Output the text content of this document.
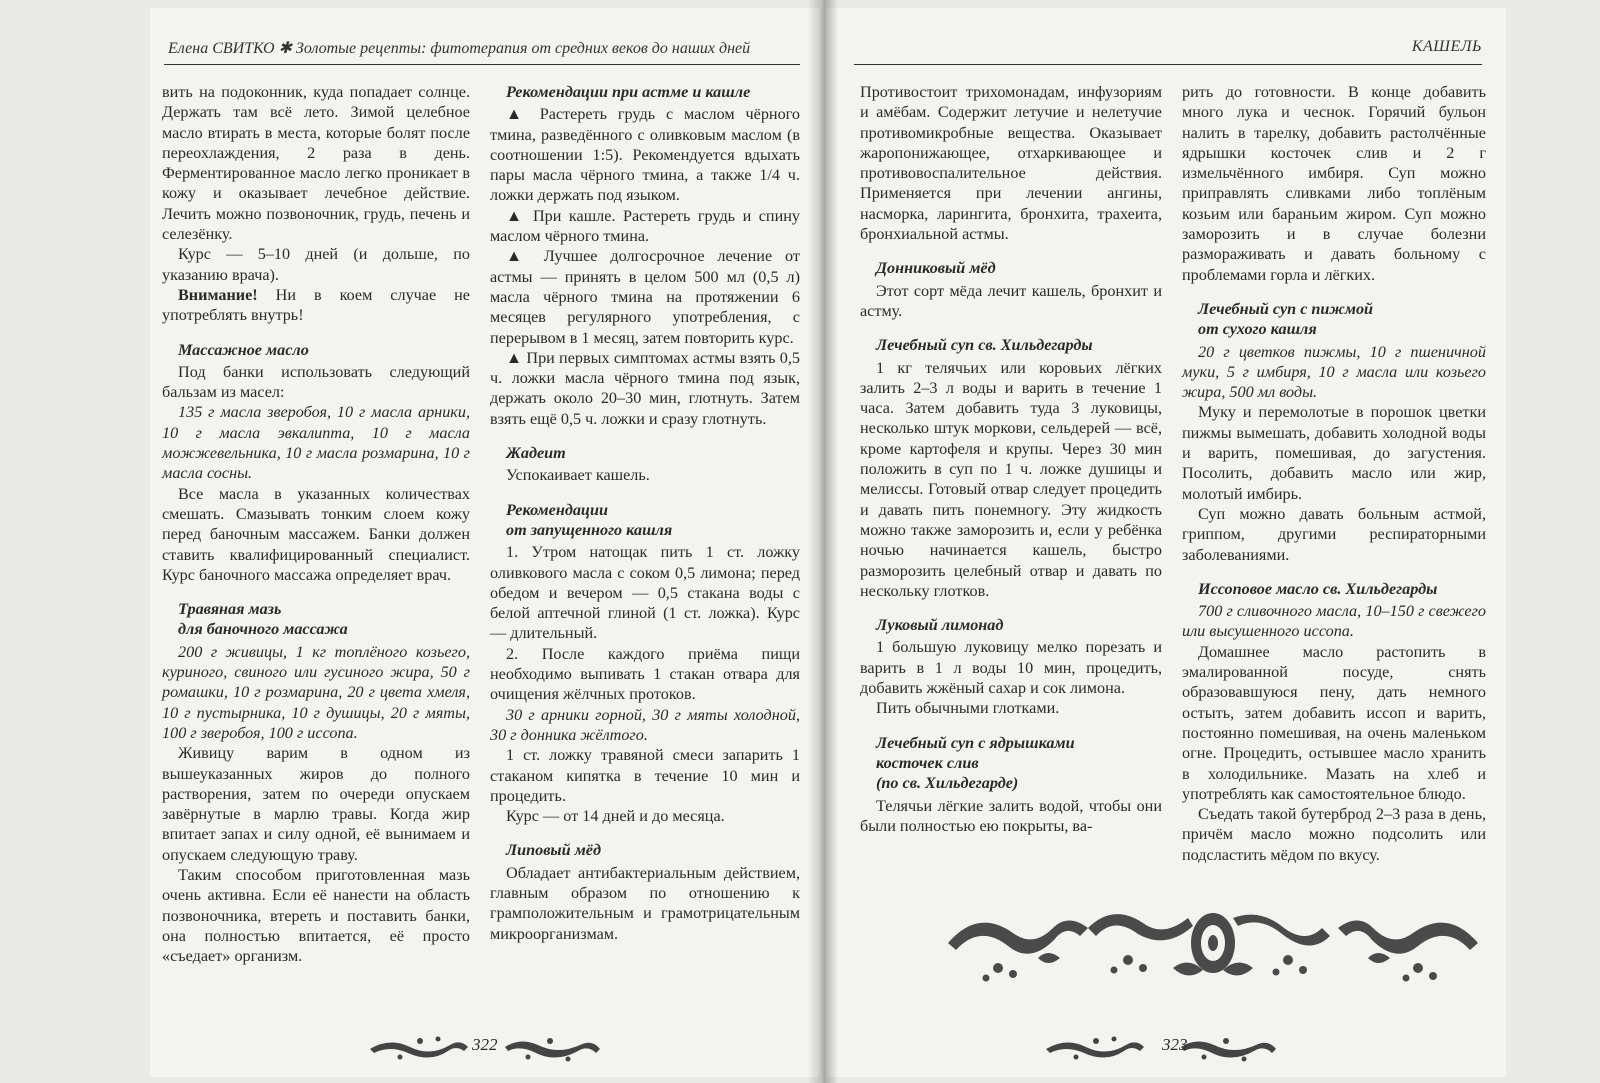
Елена СВИТКО ✱ Золотые рецепты: фитотерапия от средних веков до наших дней

вить на подоконник, куда попадает солнце. Держать там всё лето. Зимой целебное масло втирать в места, которые болят после переохлаждения, 2 раза в день. Ферментированное масло легко проникает в кожу и оказывает лечебное действие. Лечить можно позвоночник, грудь, печень и селезёнку.

Курс — 5–10 дней (и дольше, по указанию врача).

Внимание! Ни в коем случае не употреблять внутрь!

Массажное масло

Под банки использовать следующий бальзам из масел:

135 г масла зверобоя, 10 г масла арники, 10 г масла эвкалипта, 10 г масла можжевельника, 10 г масла розмарина, 10 г масла сосны.

Все масла в указанных количествах смешать. Смазывать тонким слоем кожу перед баночным массажем. Банки должен ставить квалифицированный специалист. Курс баночного массажа определяет врач.

Травяная мазь
для баночного массажа

200 г живицы, 1 кг топлёного козьего, куриного, свиного или гусиного жира, 50 г ромашки, 10 г розмарина, 20 г цвета хмеля, 10 г пустырника, 10 г душицы, 20 г мяты, 100 г зверобоя, 100 г иссопа.

Живицу варим в одном из вышеуказанных жиров до полного растворения, затем по очереди опускаем завёрнутые в марлю травы. Когда жир впитает запах и силу одной, её вынимаем и опускаем следующую траву.

Таким способом приготовленная мазь очень активна. Если её нанести на область позвоночника, втереть и поставить банки, она полностью впитается, её просто «съедает» организм.

Рекомендации при астме и кашле

▲ Растереть грудь с маслом чёрного тмина, разведённого с оливковым маслом (в соотношении 1:5). Рекомендуется вдыхать пары масла чёрного тмина, а также 1/4 ч. ложки держать под языком.

▲ При кашле. Растереть грудь и спину маслом чёрного тмина.

▲ Лучшее долгосрочное лечение от астмы — принять в целом 500 мл (0,5 л) масла чёрного тмина на протяжении 6 месяцев регулярного употребления, с перерывом в 1 месяц, затем повторить курс.

▲ При первых симптомах астмы взять 0,5 ч. ложки масла чёрного тмина под язык, держать около 20–30 мин, глотнуть. Затем взять ещё 0,5 ч. ложки и сразу глотнуть.

Жадеит

Успокаивает кашель.

Рекомендации
от запущенного кашля

1. Утром натощак пить 1 ст. ложку оливкового масла с соком 0,5 лимона; перед обедом и вечером — 0,5 стакана воды с белой аптечной глиной (1 ст. ложка). Курс — длительный.

2. После каждого приёма пищи необходимо выпивать 1 стакан отвара для очищения жёлчных протоков.

30 г арники горной, 30 г мяты холодной, 30 г донника жёлтого.

1 ст. ложку травяной смеси запарить 1 стаканом кипятка в течение 10 мин и процедить.

Курс — от 14 дней и до месяца.

Липовый мёд

Обладает антибактериальным действием, главным образом по отношению к грамположительным и грамотрицательным микроорганизмам.

322
КАШЕЛЬ

Противостоит трихомонадам, инфузориям и амёбам. Содержит летучие и нелетучие противомикробные вещества. Оказывает жаропонижающее, отхаркивающее и противовоспалительное действия. Применяется при лечении ангины, насморка, ларингита, бронхита, трахеита, бронхиальной астмы.

Донниковый мёд

Этот сорт мёда лечит кашель, бронхит и астму.

Лечебный суп св. Хильдегарды

1 кг телячьих или коровьих лёгких залить 2–3 л воды и варить в течение 1 часа. Затем добавить туда 3 луковицы, несколько штук моркови, сельдерей — всё, кроме картофеля и крупы. Через 30 мин положить в суп по 1 ч. ложке душицы и мелиссы. Готовый отвар следует процедить и давать пить понемногу. Эту жидкость можно также заморозить и, если у ребёнка ночью начинается кашель, быстро разморозить целебный отвар и давать по нескольку глотков.

Луковый лимонад

1 большую луковицу мелко порезать и варить в 1 л воды 10 мин, процедить, добавить жжёный сахар и сок лимона.

Пить обычными глотками.

Лечебный суп с ядрышками
косточек слив
(по св. Хильдегарде)

Телячьи лёгкие залить водой, чтобы они были полностью ею покрыты, ва-

рить до готовности. В конце добавить много лука и чеснок. Горячий бульон налить в тарелку, добавить растолчённые ядрышки косточек слив и 2 г измельчённого имбиря. Суп можно приправлять сливками либо топлёным козьим или бараньим жиром. Суп можно заморозить и в случае болезни размораживать и давать больному с проблемами горла и лёгких.

Лечебный суп с пижмой
от сухого кашля

20 г цветков пижмы, 10 г пшеничной муки, 5 г имбиря, 10 г масла или козьего жира, 500 мл воды.

Муку и перемолотые в порошок цветки пижмы вымешать, добавить холодной воды и варить, помешивая, до загустения. Посолить, добавить масло или жир, молотый имбирь.

Суп можно давать больным астмой, гриппом, другими респираторными заболеваниями.

Иссоповое масло св. Хильдегарды

700 г сливочного масла, 10–150 г свежего или высушенного иссопа.

Домашнее масло растопить в эмалированной посуде, снять образовавшуюся пену, дать немного остыть, затем добавить иссоп и варить, постоянно помешивая, на очень маленьком огне. Процедить, остывшее масло хранить в холодильнике. Мазать на хлеб и употреблять как самостоятельное блюдо.

Съедать такой бутерброд 2–3 раза в день, причём масло можно подсолить или подсластить мёдом по вкусу.

323
